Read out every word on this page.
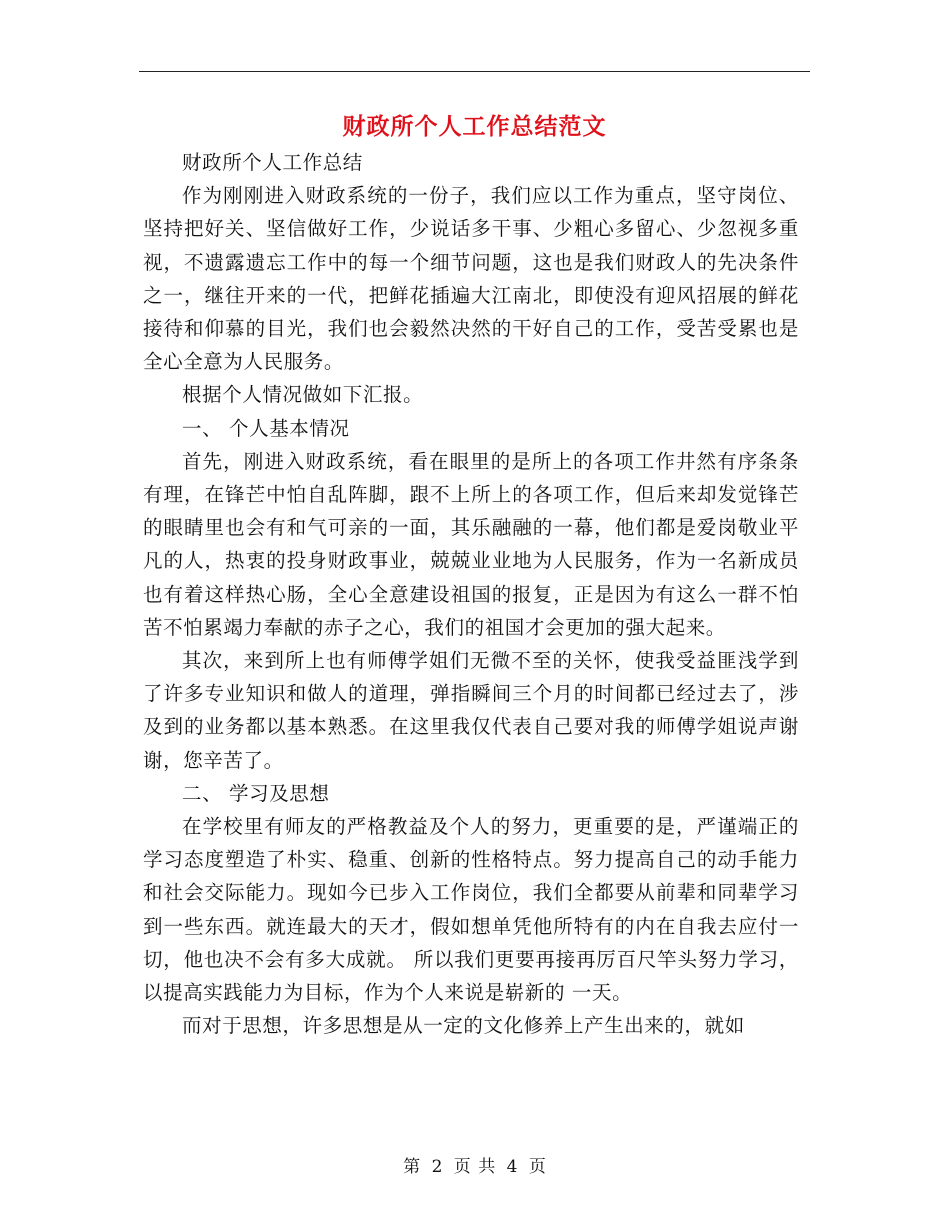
财政所个人工作总结范文

财政所个人工作总结

作为刚刚进入财政系统的一份子，我们应以工作为重点，坚守岗位、坚持把好关、坚信做好工作，少说话多干事、少粗心多留心、少忽视多重视，不遗露遗忘工作中的每一个细节问题，这也是我们财政人的先决条件之一，继往开来的一代，把鲜花插遍大江南北，即使没有迎风招展的鲜花接待和仰慕的目光，我们也会毅然决然的干好自己的工作，受苦受累也是全心全意为人民服务。

根据个人情况做如下汇报。

一、 个人基本情况

首先，刚进入财政系统，看在眼里的是所上的各项工作井然有序条条有理，在锋芒中怕自乱阵脚，跟不上所上的各项工作，但后来却发觉锋芒的眼睛里也会有和气可亲的一面，其乐融融的一幕，他们都是爱岗敬业平凡的人，热衷的投身财政事业，兢兢业业地为人民服务，作为一名新成员也有着这样热心肠，全心全意建设祖国的报复，正是因为有这么一群不怕苦不怕累竭力奉献的赤子之心，我们的祖国才会更加的强大起来。

其次，来到所上也有师傅学姐们无微不至的关怀，使我受益匪浅学到了许多专业知识和做人的道理，弹指瞬间三个月的时间都已经过去了，涉及到的业务都以基本熟悉。在这里我仅代表自己要对我的师傅学姐说声谢谢，您辛苦了。

二、 学习及思想

在学校里有师友的严格教益及个人的努力，更重要的是，严谨端正的学习态度塑造了朴实、稳重、创新的性格特点。努力提高自己的动手能力和社会交际能力。现如今已步入工作岗位，我们全都要从前辈和同辈学习到一些东西。就连最大的天才，假如想单凭他所特有的内在自我去应付一切，他也决不会有多大成就。 所以我们更要再接再厉百尺竿头努力学习，以提高实践能力为目标，作为个人来说是崭新的 一天。

而对于思想，许多思想是从一定的文化修养上产生出来的，就如

第 2 页 共 4 页
